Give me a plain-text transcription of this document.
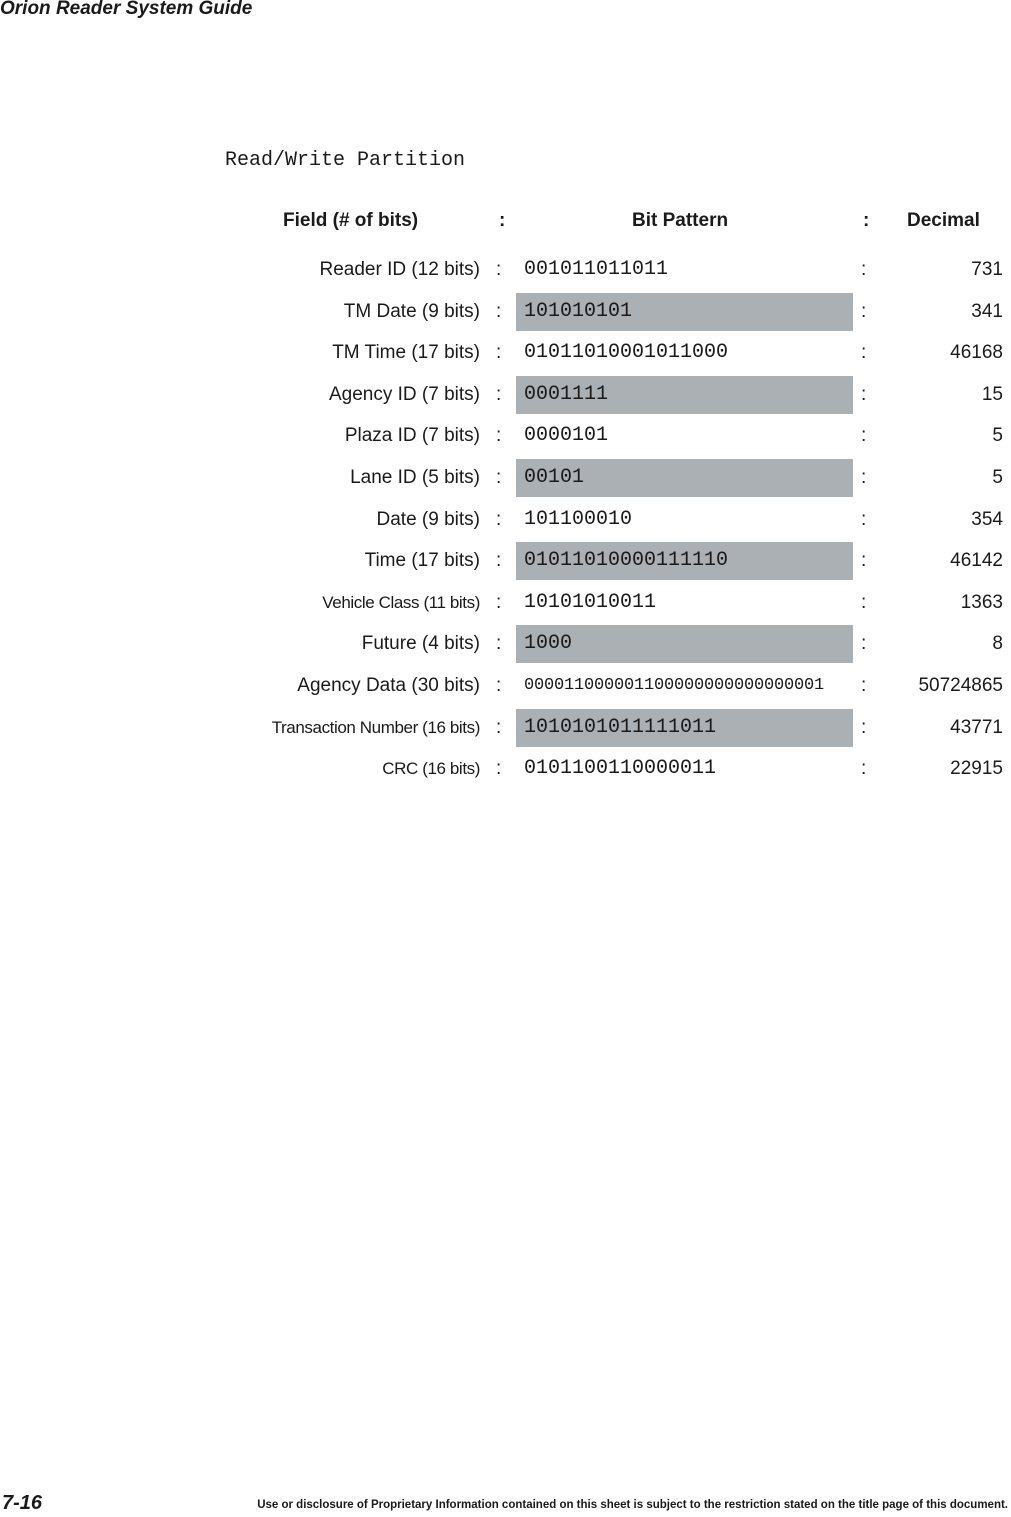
Orion Reader System Guide
Read/Write Partition
Field (# of bits)	:	Bit Pattern	: Decimal
Reader ID (12 bits) :	001011011011	:	731
TM Date (9 bits) :	101010101	:	341
TM Time (17 bits) :	01011010001011000	:	46168
Agency ID (7 bits) :	0001111	:	15
Plaza ID (7 bits) :	0000101	:	5
Lane ID (5 bits) :	00101	:	5
Date (9 bits) :	101100010	:	354
Time (17 bits) :	01011010000111110	:	46142
Vehicle Class (11 bits) :	10101010011	:	1363
Future (4 bits) :	1000	:	8
Agency Data (30 bits) :	000011000001100000000000000001	:	50724865
Transaction Number (16 bits) :	1010101011111011	:	43771
CRC (16 bits) :	0101100110000011	:	22915
7-16	Use or disclosure of Proprietary Information contained on this sheet is subject to the restriction stated on the title page of this document.
